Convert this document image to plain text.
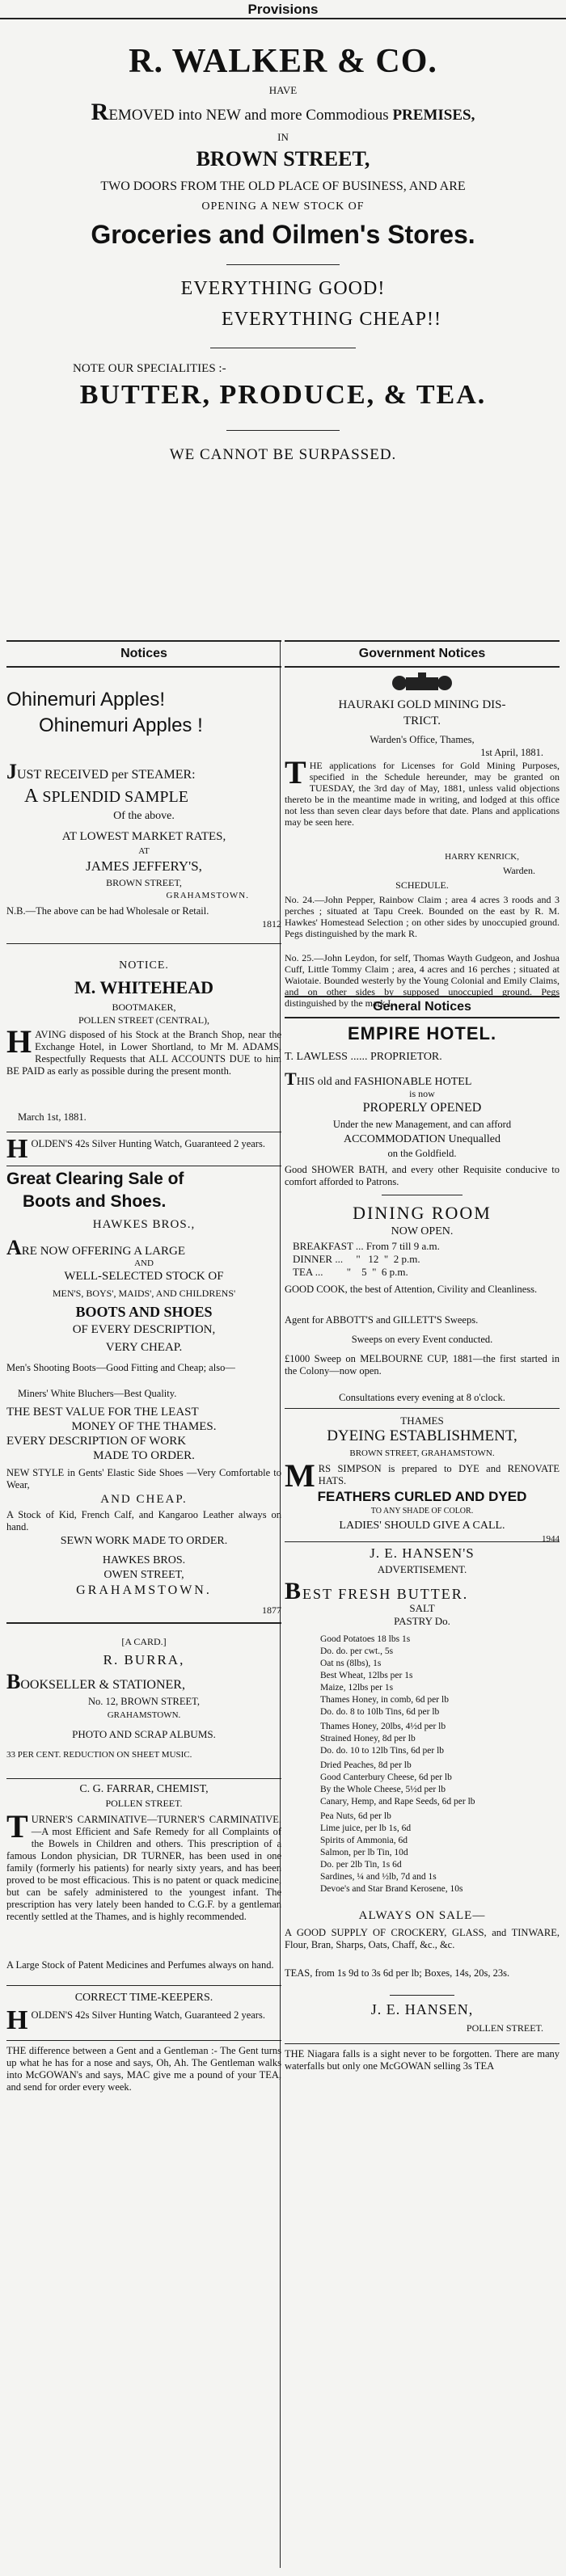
Provisions
R. WALKER & CO.
HAVE
REMOVED into NEW and more Commodious PREMISES,
IN
BROWN STREET,
TWO DOORS FROM THE OLD PLACE OF BUSINESS, AND ARE
OPENING A NEW STOCK OF
Groceries and Oilmen's Stores.
EVERYTHING GOOD!
EVERYTHING CHEAP!!
NOTE OUR SPECIALITIES :-
BUTTER, PRODUCE, & TEA.
WE CANNOT BE SURPASSED.
Notices
Ohinemuri Apples!
Ohinemuri Apples !
JUST RECEIVED per STEAMER:
A SPLENDID SAMPLE
Of the above.
AT LOWEST MARKET RATES,
AT
JAMES JEFFERY'S,
BROWN STREET,
GRAHAMSTOWN.
N.B.—The above can be had Wholesale or Retail.
1812
NOTICE.
M. WHITEHEAD
BOOTMAKER,
POLLEN STREET (CENTRAL),
HAVING disposed of his Stock at the Branch Shop, near the Exchange Hotel, in Lower Shortland, to Mr M. ADAMS, Respectfully Requests that ALL ACCOUNTS DUE to him BE PAID as early as possible during the present month.
March 1st, 1881.
HOLDEN'S 42s Silver Hunting Watch, Guaranteed 2 years.
Great Clearing Sale of
Boots and Shoes.
HAWKES BROS.,
ARE NOW OFFERING A LARGE
AND
WELL-SELECTED STOCK OF
MEN'S, BOYS', MAIDS', AND CHILDRENS'
BOOTS AND SHOES
OF EVERY DESCRIPTION,
VERY CHEAP.
Men's Shooting Boots—Good Fitting and Cheap; also—
Miners' White Bluchers—Best Quality.
THE BEST VALUE FOR THE LEAST
MONEY OF THE THAMES.
EVERY DESCRIPTION OF WORK
MADE TO ORDER.
NEW STYLE in Gents' Elastic Side Shoes —Very Comfortable to Wear,
AND CHEAP.
A Stock of Kid, French Calf, and Kangaroo Leather always on hand.
SEWN WORK MADE TO ORDER.
HAWKES BROS.
OWEN STREET,
GRAHAMSTOWN.
1877
[A CARD.]
R. BURRA,
BOOKSELLER & STATIONER,
No. 12, BROWN STREET,
GRAHAMSTOWN.
PHOTO AND SCRAP ALBUMS.
33 PER CENT. REDUCTION ON SHEET MUSIC.
C. G. FARRAR, CHEMIST,
POLLEN STREET.
TURNER'S CARMINATIVE—TURNER'S CARMINATIVE.—A most Efficient and Safe Remedy for all Complaints of the Bowels in Children and others. This prescription of a famous London physician, DR TURNER, has been used in one family (formerly his patients) for nearly sixty years, and has been proved to be most efficacious. This is no patent or quack medicine, but can be safely administered to the youngest infant. The prescription has very lately been handed to C.G.F. by a gentleman recently settled at the Thames, and is highly recommended.
A Large Stock of Patent Medicines and Perfumes always on hand.
CORRECT TIME-KEEPERS.
HOLDEN'S 42s Silver Hunting Watch, Guaranteed 2 years.
THE difference between a Gent and a Gentleman :- The Gent turns up what he has for a nose and says, Oh, Ah. The Gentleman walks into McGOWAN's and says, MAC give me a pound of your TEA, and send for order every week.
Government Notices
HAURAKI GOLD MINING DIS-
TRICT.
Warden's Office, Thames,
1st April, 1881.
THE applications for Licenses for Gold Mining Purposes, specified in the Schedule hereunder, may be granted on TUESDAY, the 3rd day of May, 1881, unless valid objections thereto be in the meantime made in writing, and lodged at this office not less than seven clear days before that date. Plans and applications may be seen here.
HARRY KENRICK,
Warden.
SCHEDULE.
No. 24.—John Pepper, Rainbow Claim ; area 4 acres 3 roods and 3 perches ; situated at Tapu Creek. Bounded on the east by R. M. Hawkes' Homestead Selection ; on other sides by unoccupied ground. Pegs distinguished by the mark R.
No. 25.—John Leydon, for self, Thomas Wayth Gudgeon, and Joshua Cuff, Little Tommy Claim ; area, 4 acres and 16 perches ; situated at Waiotaie. Bounded westerly by the Young Colonial and Emily Claims, and on other sides by supposed unoccupied ground. Pegs distinguished by the mark L.
General Notices
EMPIRE HOTEL.
T. LAWLESS ...... PROPRIETOR.
THIS old and FASHIONABLE HOTEL
is now
PROPERLY OPENED
Under the new Management, and can afford
ACCOMMODATION Unequalled
on the Goldfield.
Good SHOWER BATH, and every other Requisite conducive to comfort afforded to Patrons.
DINING ROOM
NOW OPEN.
BREAKFAST ... From 7 till 9 a.m.
DINNER ...     "   12  "  2 p.m.
TEA ...         "    5  "  6 p.m.
GOOD COOK, the best of Attention, Civility and Cleanliness.
Agent for ABBOTT'S and GILLETT'S Sweeps.
Sweeps on every Event conducted.
£1000 Sweep on MELBOURNE CUP, 1881—the first started in the Colony—now open.
Consultations every evening at 8 o'clock.
THAMES
DYEING ESTABLISHMENT,
BROWN STREET, GRAHAMSTOWN.
MRS SIMPSON is prepared to DYE and RENOVATE HATS.
FEATHERS CURLED AND DYED
TO ANY SHADE OF COLOR.
LADIES' SHOULD GIVE A CALL.
1944
J. E. HANSEN'S
ADVERTISEMENT.
BEST FRESH BUTTER.
SALT
PASTRY Do.
Good Potatoes 18 lbs 1s
Do. do. per cwt., 5s
Oat ns (8lbs), 1s
Best Wheat, 12lbs per 1s
Maize, 12lbs per 1s
Thames Honey, in comb, 6d per lb
Do. do. 8 to 10lb Tins, 6d per lb
Thames Honey, 20lbs, 4½d per lb
Strained Honey, 8d per lb
Do. do. 10 to 12lb Tins, 6d per lb
Dried Peaches, 8d per lb
Good Canterbury Cheese, 6d per lb
By the Whole Cheese, 5½d per lb
Canary, Hemp, and Rape Seeds, 6d per lb
Pea Nuts, 6d per lb
Lime juice, per lb 1s, 6d
Spirits of Ammonia, 6d
Salmon, per lb Tin, 10d
Do. per 2lb Tin, 1s 6d
Sardines, ¼ and ½lb, 7d and 1s
Devoe's and Star Brand Kerosene, 10s
ALWAYS ON SALE—
A GOOD SUPPLY OF CROCKERY, GLASS, and TINWARE, Flour, Bran, Sharps, Oats, Chaff, &c., &c.
TEAS, from 1s 9d to 3s 6d per lb; Boxes, 14s, 20s, 23s.
J. E. HANSEN,
POLLEN STREET.
THE Niagara falls is a sight never to be forgotten. There are many waterfalls but only one McGOWAN selling 3s TEA
